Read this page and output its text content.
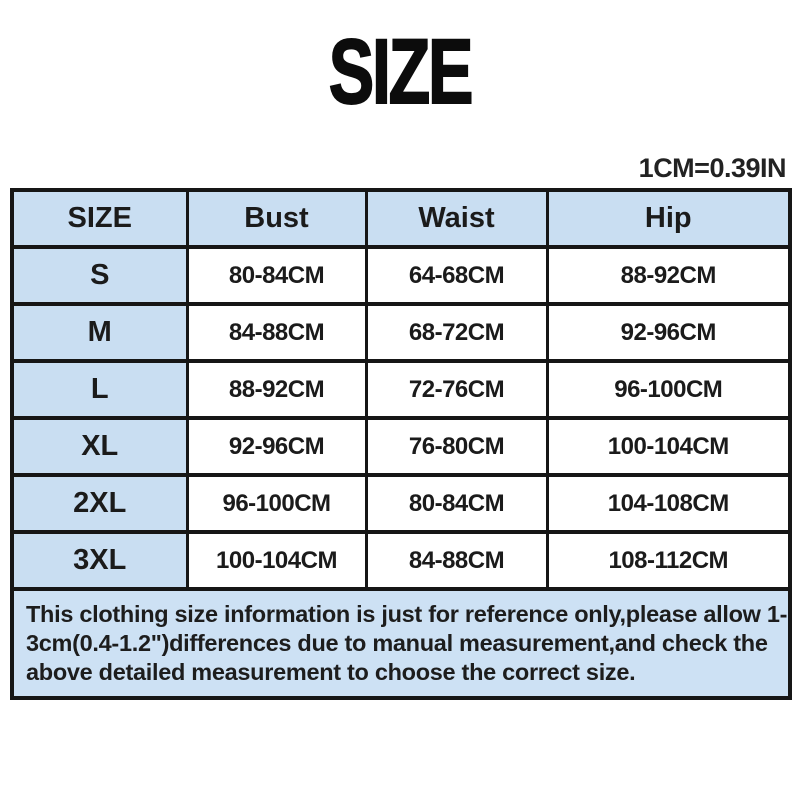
SIZE
1CM=0.39IN
SIZE	Bust	Waist	Hip
S	80-84CM	64-68CM	88-92CM
M	84-88CM	68-72CM	92-96CM
L	88-92CM	72-76CM	96-100CM
XL	92-96CM	76-80CM	100-104CM
2XL	96-100CM	80-84CM	104-108CM
3XL	100-104CM	84-88CM	108-112CM

This clothing size information is just for reference only,please allow 1-
3cm(0.4-1.2")differences due to manual measurement,and check the
above detailed measurement to choose the correct size.			
